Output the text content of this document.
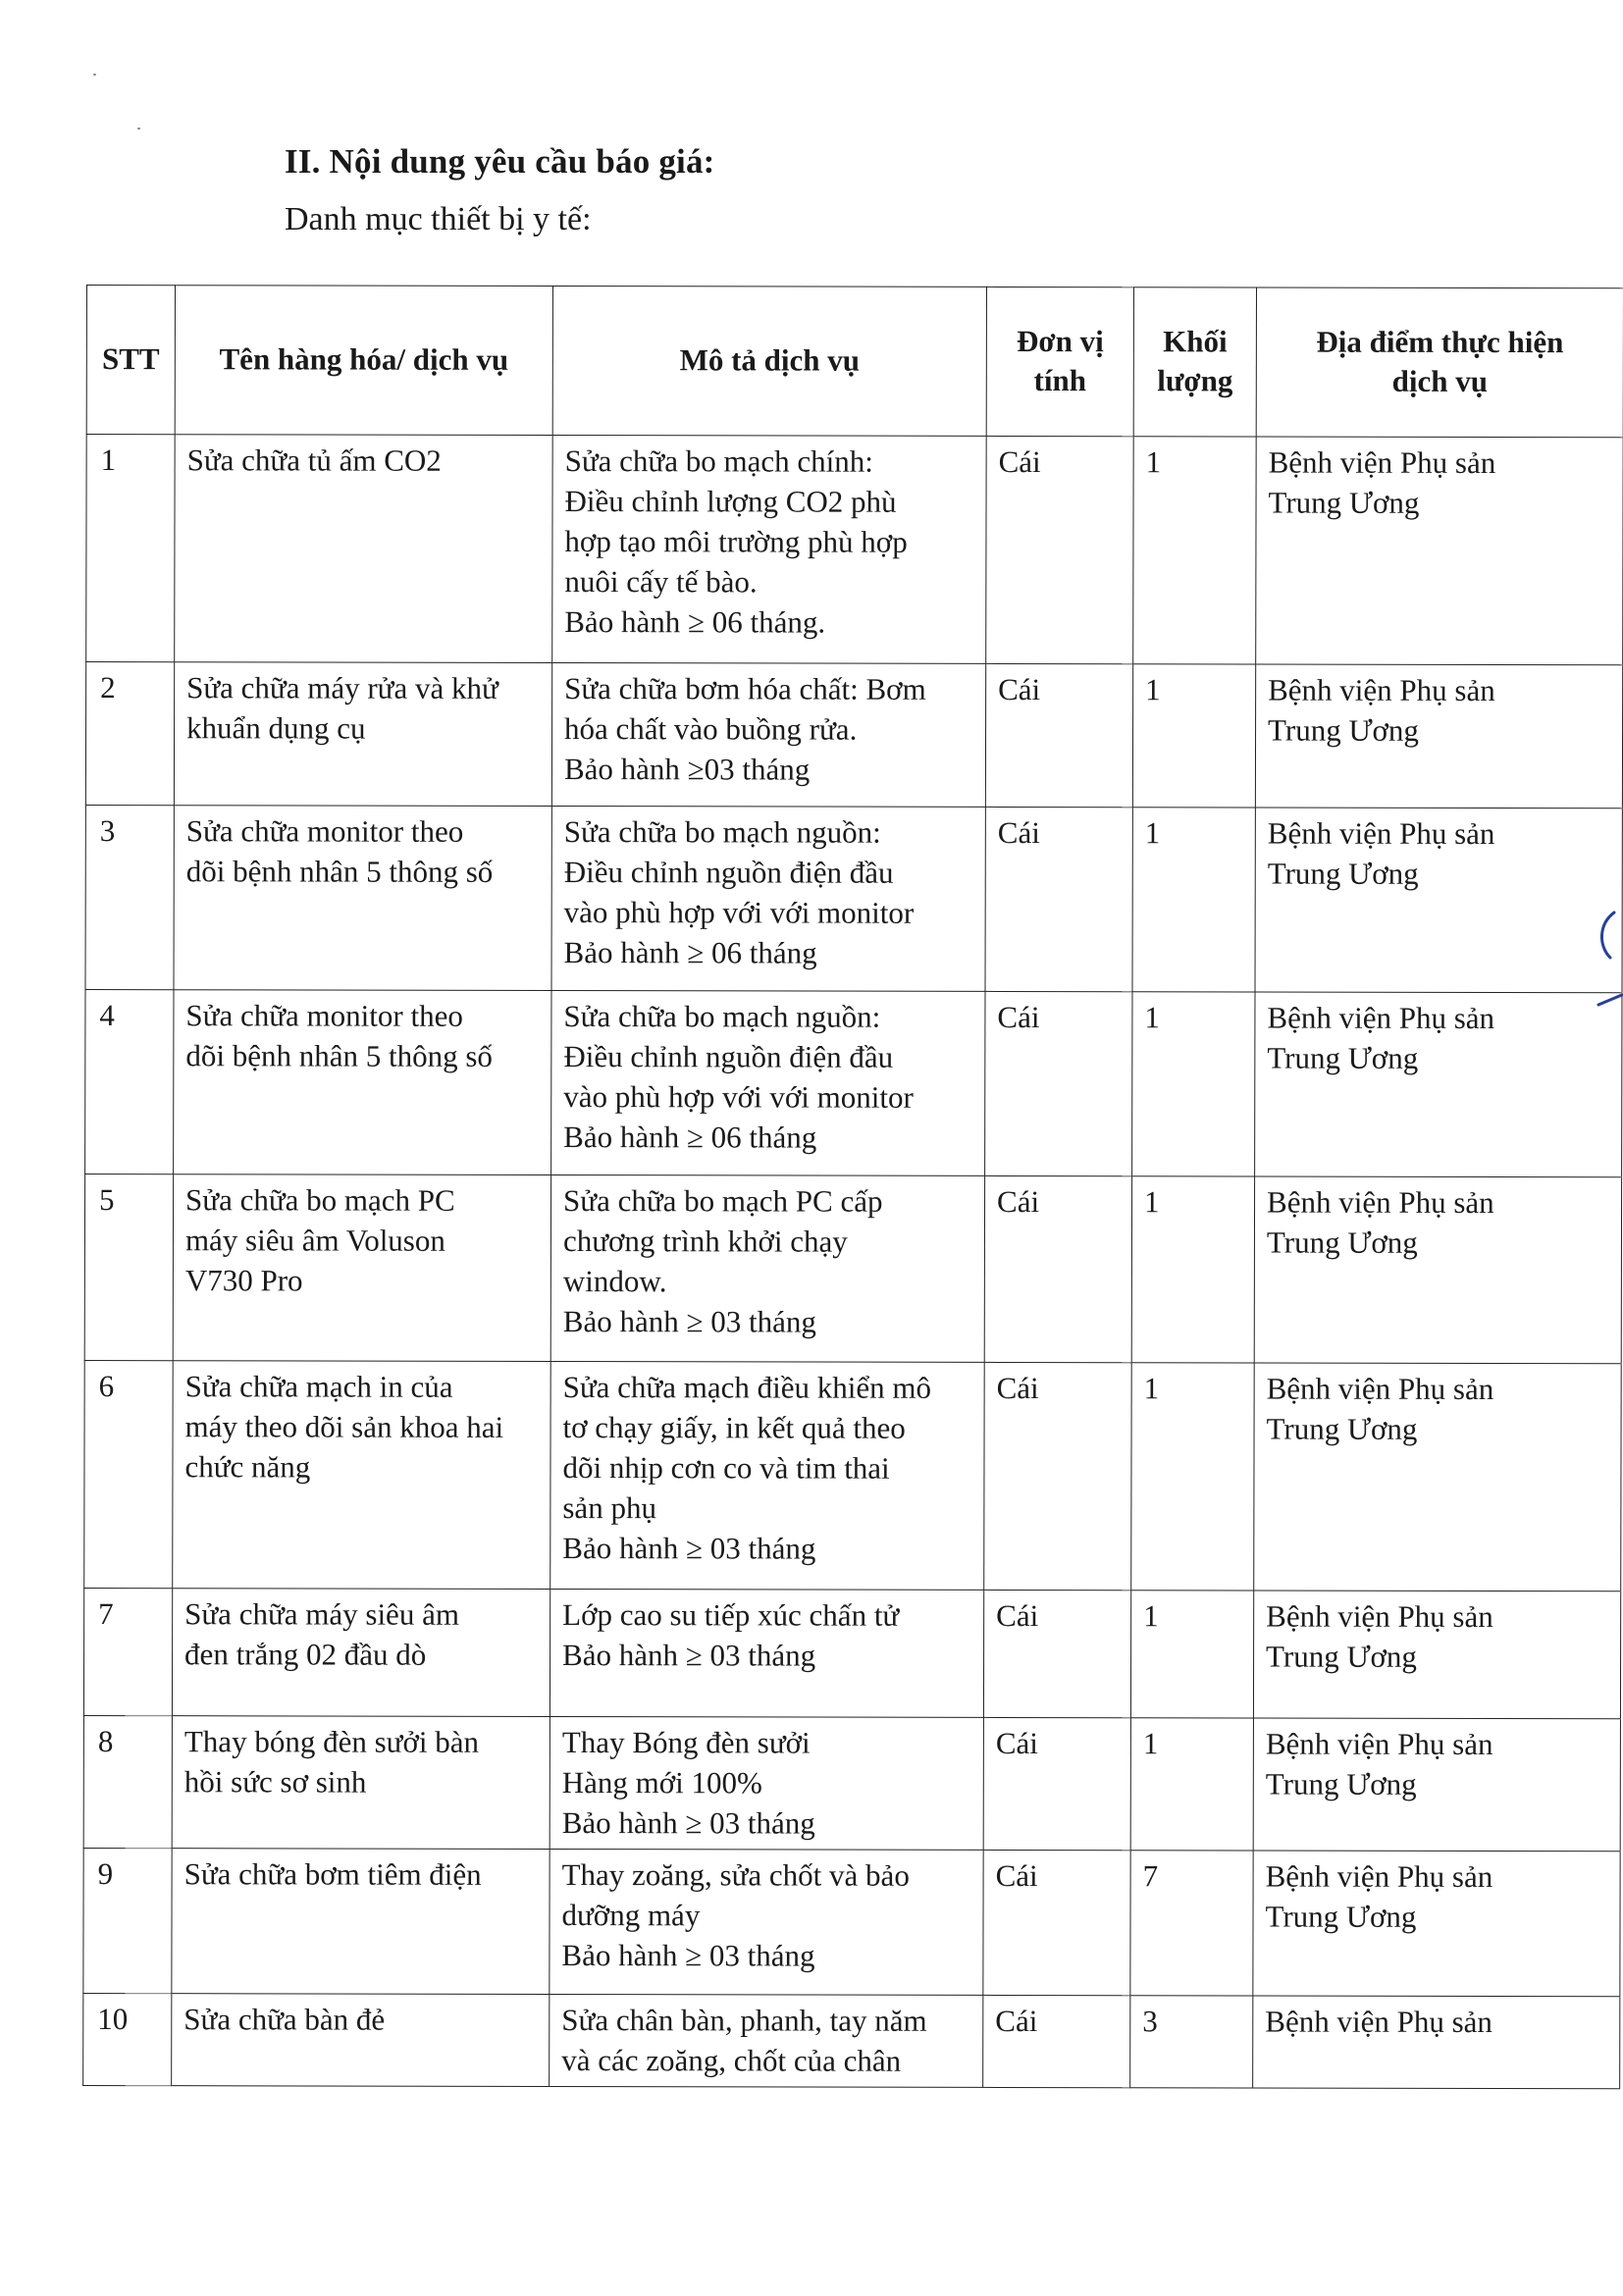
II. Nội dung yêu cầu báo giá:
Danh mục thiết bị y tế:
STT	Tên hàng hóa/ dịch vụ	Mô tả dịch vụ	Đơn vị
tính	Khối
lượng	Địa điểm thực hiện
dịch vụ
1	Sửa chữa tủ ấm CO2	Sửa chữa bo mạch chính:
Điều chỉnh lượng CO2 phù
hợp tạo môi trường phù hợp
nuôi cấy tế bào.
Bảo hành ≥ 06 tháng.	Cái	1	Bệnh viện Phụ sản
Trung Ương
2	Sửa chữa máy rửa và khử
khuẩn dụng cụ	Sửa chữa bơm hóa chất: Bơm
hóa chất vào buồng rửa.
Bảo hành ≥03 tháng	Cái	1	Bệnh viện Phụ sản
Trung Ương
3	Sửa chữa monitor theo
dõi bệnh nhân 5 thông số	Sửa chữa bo mạch nguồn:
Điều chỉnh nguồn điện đầu
vào phù hợp với với monitor
Bảo hành ≥ 06 tháng	Cái	1	Bệnh viện Phụ sản
Trung Ương
4	Sửa chữa monitor theo
dõi bệnh nhân 5 thông số	Sửa chữa bo mạch nguồn:
Điều chỉnh nguồn điện đầu
vào phù hợp với với monitor
Bảo hành ≥ 06 tháng	Cái	1	Bệnh viện Phụ sản
Trung Ương
5	Sửa chữa bo mạch PC
máy siêu âm Voluson
V730 Pro	Sửa chữa bo mạch PC cấp
chương trình khởi chạy
window.
Bảo hành ≥ 03 tháng	Cái	1	Bệnh viện Phụ sản
Trung Ương
6	Sửa chữa mạch in của
máy theo dõi sản khoa hai
chức năng	Sửa chữa mạch điều khiển mô
tơ chạy giấy, in kết quả theo
dõi nhịp cơn co và tim thai
sản phụ
Bảo hành ≥ 03 tháng	Cái	1	Bệnh viện Phụ sản
Trung Ương
7	Sửa chữa máy siêu âm
đen trắng 02 đầu dò	Lớp cao su tiếp xúc chấn tử
Bảo hành ≥ 03 tháng	Cái	1	Bệnh viện Phụ sản
Trung Ương
8	Thay bóng đèn sưởi bàn
hồi sức sơ sinh	Thay Bóng đèn sưởi
Hàng mới 100%
Bảo hành ≥ 03 tháng	Cái	1	Bệnh viện Phụ sản
Trung Ương
9	Sửa chữa bơm tiêm điện	Thay zoăng, sửa chốt và bảo
dưỡng máy
Bảo hành ≥ 03 tháng	Cái	7	Bệnh viện Phụ sản
Trung Ương
10	Sửa chữa bàn đẻ	Sửa chân bàn, phanh, tay năm
và các zoăng, chốt của chân	Cái	3	Bệnh viện Phụ sản
